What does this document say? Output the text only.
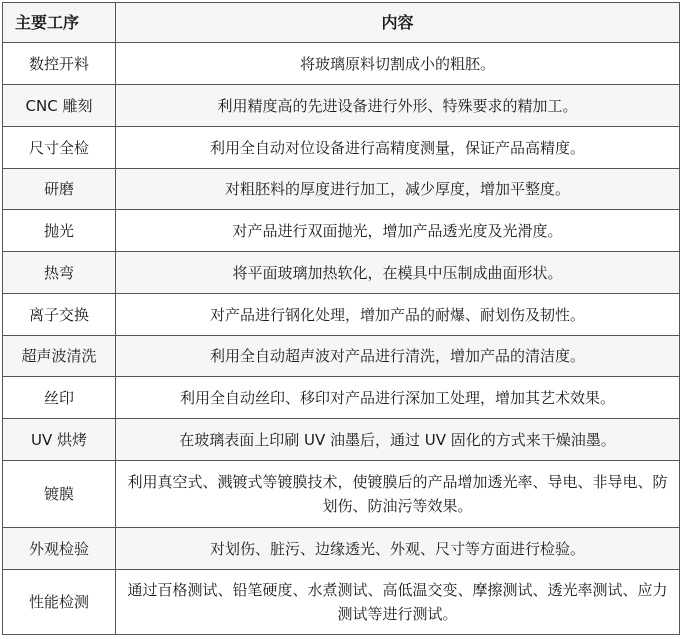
主要工序	内容
数控开料	将玻璃原料切割成小的粗胚。
CNC 雕刻	利用精度高的先进设备进行外形、特殊要求的精加工。
尺寸全检	利用全自动对位设备进行高精度测量，保证产品高精度。
研磨	对粗胚料的厚度进行加工，减少厚度，增加平整度。
抛光	对产品进行双面抛光，增加产品透光度及光滑度。
热弯	将平面玻璃加热软化，在模具中压制成曲面形状。
离子交换	对产品进行钢化处理，增加产品的耐爆、耐划伤及韧性。
超声波清洗	利用全自动超声波对产品进行清洗，增加产品的清洁度。
丝印	利用全自动丝印、移印对产品进行深加工处理，增加其艺术效果。
UV 烘烤	在玻璃表面上印刷 UV 油墨后，通过 UV 固化的方式来干燥油墨。
镀膜	利用真空式、溅镀式等镀膜技术，使镀膜后的产品增加透光率、导电、非导电、防划伤、防油污等效果。
外观检验	对划伤、脏污、边缘透光、外观、尺寸等方面进行检验。
性能检测	通过百格测试、铅笔硬度、水煮测试、高低温交变、摩擦测试、透光率测试、应力测试等进行测试。
